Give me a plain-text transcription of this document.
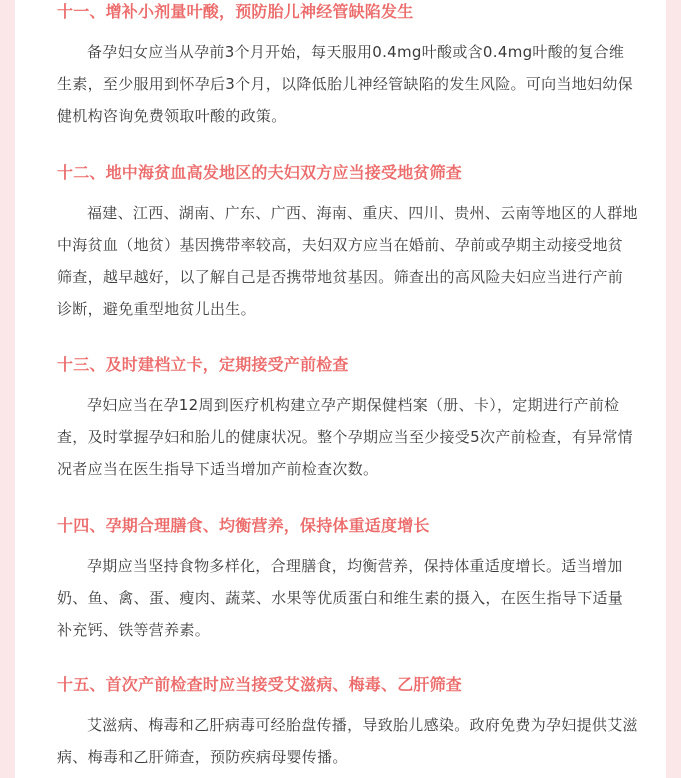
十一、增补小剂量叶酸，预防胎儿神经管缺陷发生

备孕妇女应当从孕前3个月开始，每天服用0.4mg叶酸或含0.4mg叶酸的复合维生素，至少服用到怀孕后3个月，以降低胎儿神经管缺陷的发生风险。可向当地妇幼保健机构咨询免费领取叶酸的政策。

十二、地中海贫血高发地区的夫妇双方应当接受地贫筛查

福建、江西、湖南、广东、广西、海南、重庆、四川、贵州、云南等地区的人群地中海贫血（地贫）基因携带率较高，夫妇双方应当在婚前、孕前或孕期主动接受地贫筛查，越早越好，以了解自己是否携带地贫基因。筛查出的高风险夫妇应当进行产前诊断，避免重型地贫儿出生。

十三、及时建档立卡，定期接受产前检查

孕妇应当在孕12周到医疗机构建立孕产期保健档案（册、卡），定期进行产前检查，及时掌握孕妇和胎儿的健康状况。整个孕期应当至少接受5次产前检查，有异常情况者应当在医生指导下适当增加产前检查次数。

十四、孕期合理膳食、均衡营养，保持体重适度增长

孕期应当坚持食物多样化，合理膳食，均衡营养，保持体重适度增长。适当增加奶、鱼、禽、蛋、瘦肉、蔬菜、水果等优质蛋白和维生素的摄入，在医生指导下适量补充钙、铁等营养素。

十五、首次产前检查时应当接受艾滋病、梅毒、乙肝筛查

艾滋病、梅毒和乙肝病毒可经胎盘传播，导致胎儿感染。政府免费为孕妇提供艾滋病、梅毒和乙肝筛查，预防疾病母婴传播。
